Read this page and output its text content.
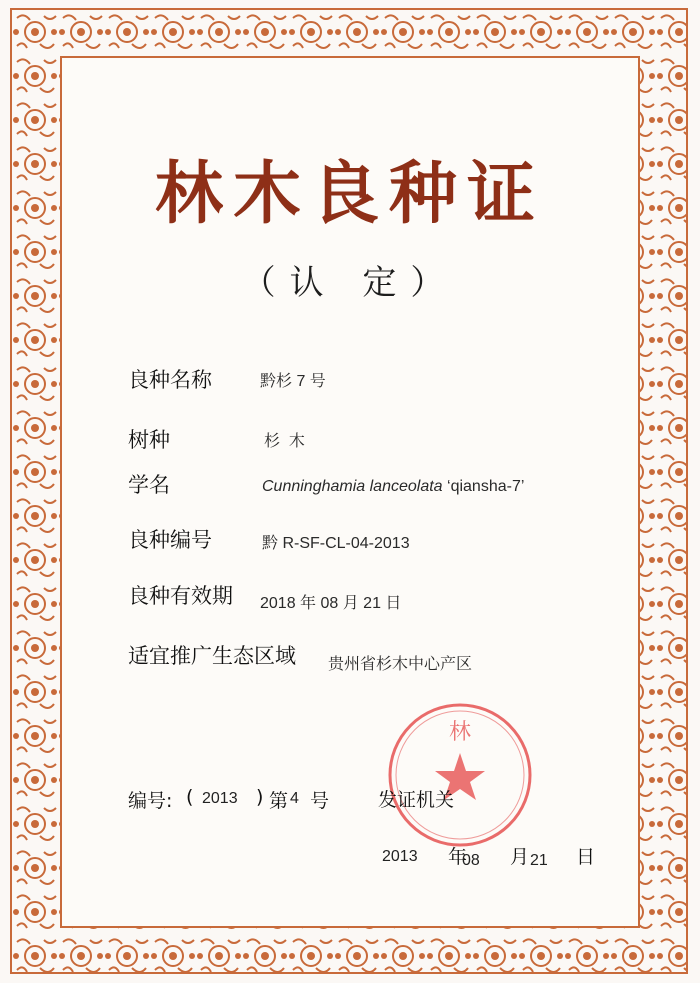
林木良种证
（认 定）
良种名称	黔杉 7 号
树种	杉  木
学名	Cunninghamia lanceolata ‘qiansha-7’
良种编号	黔 R-SF-CL-04-2013
良种有效期 2018 年 08 月 21 日
适宜推广生态区域 贵州省杉木中心产区
林
编号: ( 2013 ) 第 4 号	发证机关
2013 年
08 月 21 日
